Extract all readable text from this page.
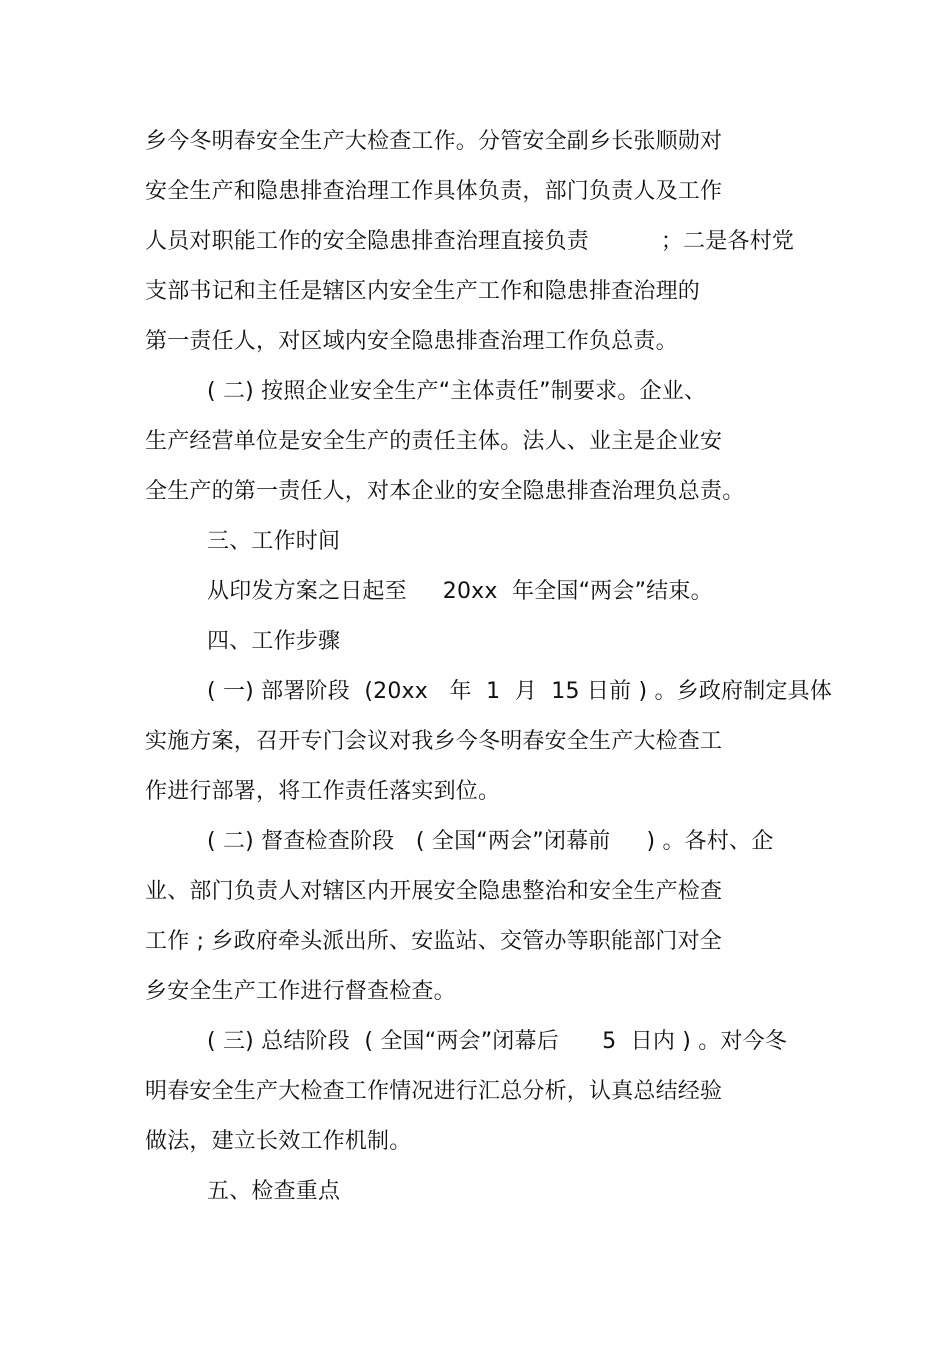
乡今冬明春安全生产大检查工作。分管安全副乡长张顺勋对
安全生产和隐患排查治理工作具体负责，部门负责人及工作
人员对职能工作的安全隐患排查治理直接负责          ；二是各村党
支部书记和主任是辖区内安全生产工作和隐患排查治理的
第一责任人，对区域内安全隐患排查治理工作负总责。
( 二) 按照企业安全生产“主体责任”制要求。企业、
生产经营单位是安全生产的责任主体。法人、业主是企业安
全生产的第一责任人，对本企业的安全隐患排查治理负总责。
三、工作时间
从印发方案之日起至     20xx  年全国“两会”结束。
四、工作步骤
( 一) 部署阶段  (20xx   年  1  月  15 日前 ) 。乡政府制定具体
实施方案，召开专门会议对我乡今冬明春安全生产大检查工
作进行部署，将工作责任落实到位。
( 二) 督查检查阶段   ( 全国“两会”闭幕前     ) 。各村、企
业、部门负责人对辖区内开展安全隐患整治和安全生产检查
工作 ; 乡政府牵头派出所、安监站、交管办等职能部门对全
乡安全生产工作进行督查检查。
( 三) 总结阶段  ( 全国“两会”闭幕后      5  日内 ) 。对今冬
明春安全生产大检查工作情况进行汇总分析，认真总结经验
做法，建立长效工作机制。
五、检查重点
